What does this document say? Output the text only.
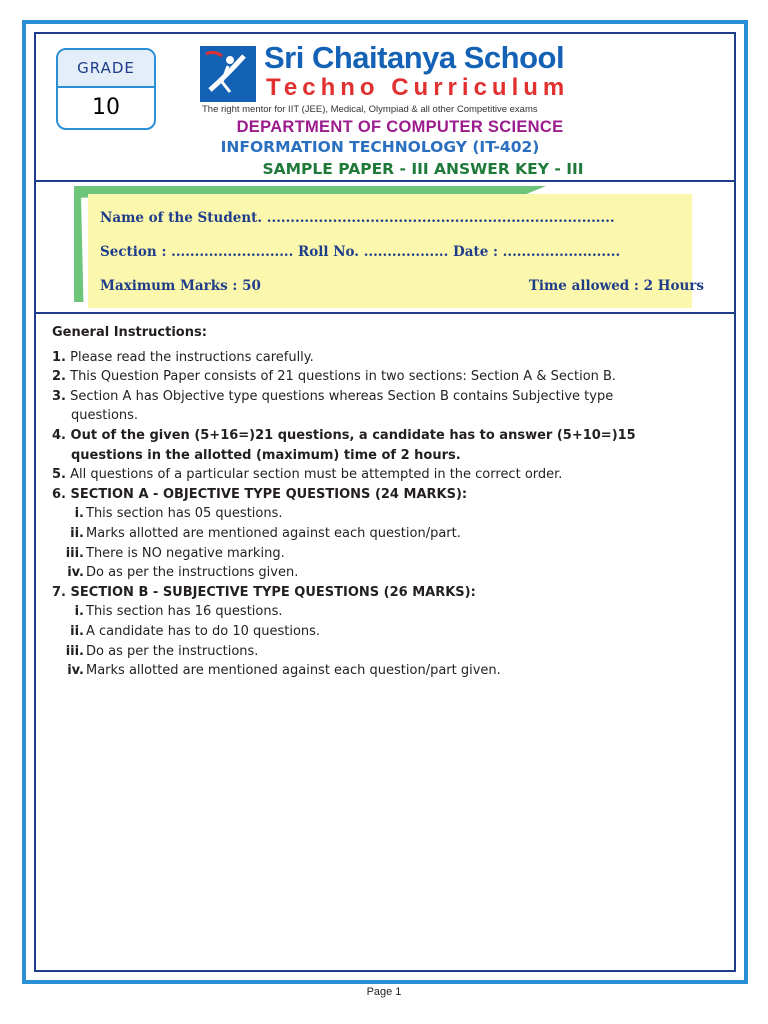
GRADE
10
Sri Chaitanya School
Techno Curriculum
The right mentor for IIT (JEE), Medical, Olympiad & all other Competitive exams
DEPARTMENT OF COMPUTER SCIENCE
INFORMATION TECHNOLOGY (IT-402)
SAMPLE PAPER - III ANSWER KEY - III
Name of the Student. ..........................................................................
Section : .......................... Roll No. .................. Date : .........................
Maximum Marks : 50	Time allowed : 2 Hours
General Instructions:
1. Please read the instructions carefully.
2. This Question Paper consists of 21 questions in two sections: Section A & Section B.
3. Section A has Objective type questions whereas Section B contains Subjective type
questions.
4. Out of the given (5+16=)21 questions, a candidate has to answer (5+10=)15
questions in the allotted (maximum) time of 2 hours.
5. All questions of a particular section must be attempted in the correct order.
6. SECTION A - OBJECTIVE TYPE QUESTIONS (24 MARKS):
i. This section has 05 questions.
ii. Marks allotted are mentioned against each question/part.
iii. There is NO negative marking.
iv. Do as per the instructions given.
7. SECTION B - SUBJECTIVE TYPE QUESTIONS (26 MARKS):
i. This section has 16 questions.
ii. A candidate has to do 10 questions.
iii. Do as per the instructions.
iv. Marks allotted are mentioned against each question/part given.
Page 1
